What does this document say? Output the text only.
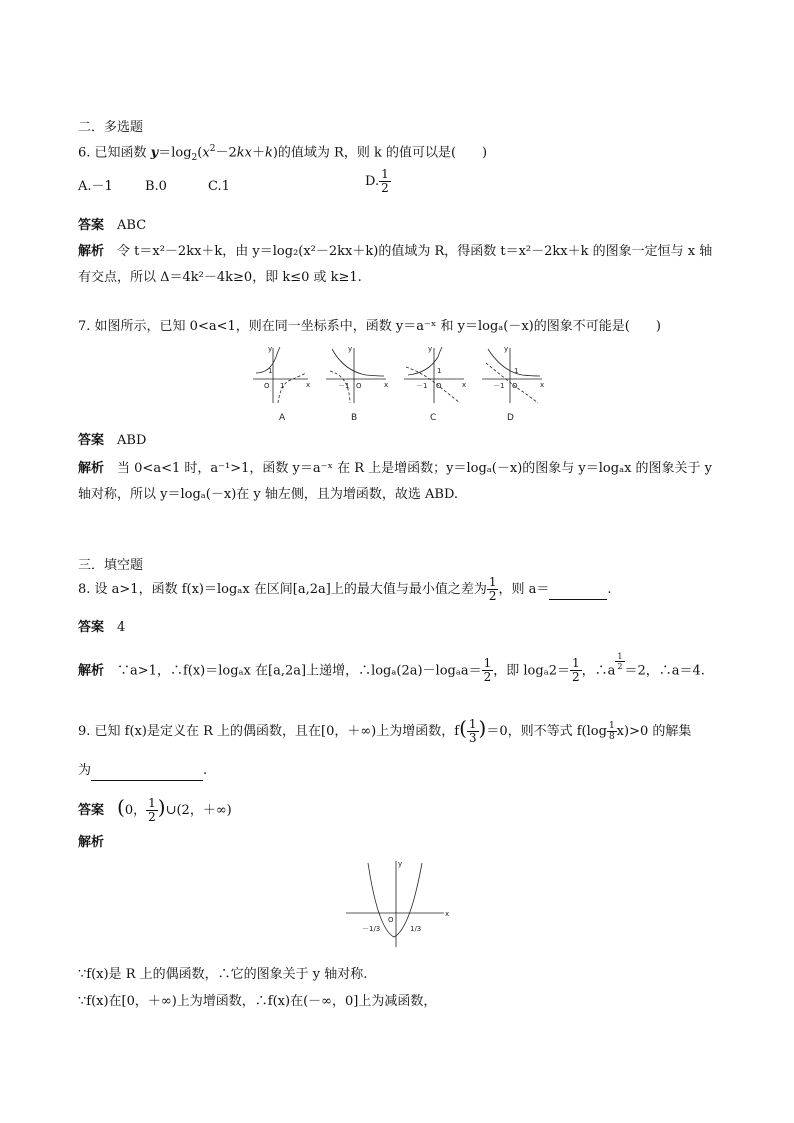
二．多选题
6. 已知函数 $y=\log_2(x^2-2kx+k)$的值域为 R，则 k 的值可以是(　　)
A.－1 B.0	C.1	D. $\frac{1}{2}$
答案　 ABC
解析　 令 t＝x²－2kx＋k，由 y＝log₂(x²－2kx＋k)的值域为 R，得函数 t＝x²－2kx＋k 的图象一定恒与 x 轴
有交点，所以 Δ＝4k²－4k≥0，即 k≤0 或 k≥1.
7. 如图所示，已知 0<a<1，则在同一坐标系中，函数 y＝a⁻ˣ 和 y＝logₐ(－x)的图象不可能是(　　)
O 1
1
x
y
A
O
－1	x
y
B
O
－1
1
x
y
C
O
－1
1
x
y
D
答案　 ABD
解析　 当 0<a<1 时，a⁻¹>1，函数 y＝a⁻ˣ 在 R 上是增函数；y＝logₐ(－x)的图象与 y＝logₐx 的图象关于 y
轴对称，所以 y＝logₐ(－x)在 y 轴左侧，且为增函数，故选 ABD.
三．填空题
8. 设 a>1，函数 f(x)＝logₐx 在区间[a,2a]上的最大值与最小值之差为 $\frac{1}{2}$ ，则 a＝	.
答案　 4
解析　 ∵a>1，∴f(x)＝logₐx 在[a,2a]上递增，∴logₐ(2a)－logₐa＝ $\frac{1}{2}$ ，即 $\log_a2= \frac{1}{2}$ ，∴a $^{\frac{1}{2}}$ ＝2，∴a＝4.
9. 已知 f(x)是定义在 R 上的偶函数，且在[0，＋∞)上为增函数，$f( \frac{1}{3} )=0$，则不等式 $f(\log \frac{1}{8} x)>0$ 的解集
为	.
答案　 (0， $\frac{1}{2}$ )∪(2，＋∞)
解析
x
y
O
－1/3	1/3
∵f(x)是 R 上的偶函数，∴它的图象关于 y 轴对称.
∵f(x)在[0，＋∞)上为增函数，∴f(x)在(－∞，0]上为减函数，
